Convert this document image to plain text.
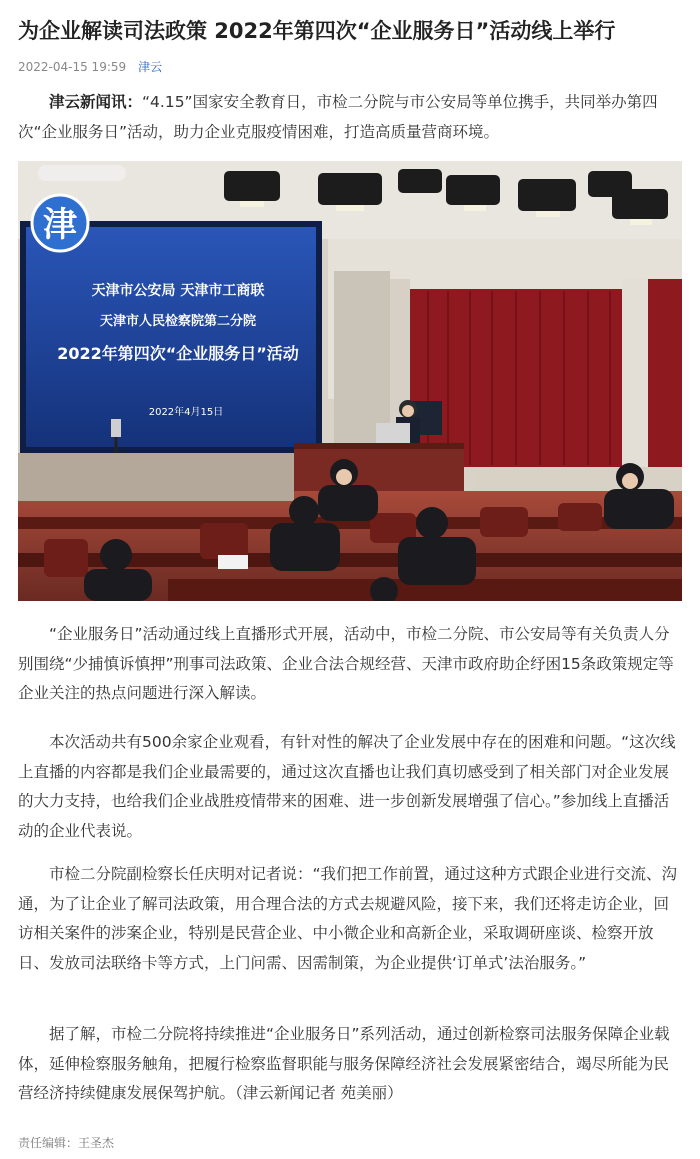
为企业解读司法政策 2022年第四次“企业服务日”活动线上举行
2022-04-15 19:59 津云

津云新闻讯：“4.15”国家安全教育日，市检二分院与市公安局等单位携手，共同举办第四次“企业服务日”活动，助力企业克服疫情困难，打造高质量营商环境。

津
天津市公安局 天津市工商联
天津市人民检察院第二分院
2022年第四次“企业服务日”活动
2022年4月15日

“企业服务日”活动通过线上直播形式开展，活动中，市检二分院、市公安局等有关负责人分别围绕“少捕慎诉慎押”刑事司法政策、企业合法合规经营、天津市政府助企纾困15条政策规定等企业关注的热点问题进行深入解读。

本次活动共有500余家企业观看，有针对性的解决了企业发展中存在的困难和问题。“这次线上直播的内容都是我们企业最需要的，通过这次直播也让我们真切感受到了相关部门对企业发展的大力支持，也给我们企业战胜疫情带来的困难、进一步创新发展增强了信心。”参加线上直播活动的企业代表说。

市检二分院副检察长任庆明对记者说：“我们把工作前置，通过这种方式跟企业进行交流、沟通，为了让企业了解司法政策，用合理合法的方式去规避风险，接下来，我们还将走访企业，回访相关案件的涉案企业，特别是民营企业、中小微企业和高新企业，采取调研座谈、检察开放日、发放司法联络卡等方式，上门问需、因需制策，为企业提供‘订单式’法治服务。”

据了解，市检二分院将持续推进“企业服务日”系列活动，通过创新检察司法服务保障企业载体，延伸检察服务触角，把履行检察监督职能与服务保障经济社会发展紧密结合，竭尽所能为民营经济持续健康发展保驾护航。（津云新闻记者 苑美丽）

责任编辑：王圣杰
